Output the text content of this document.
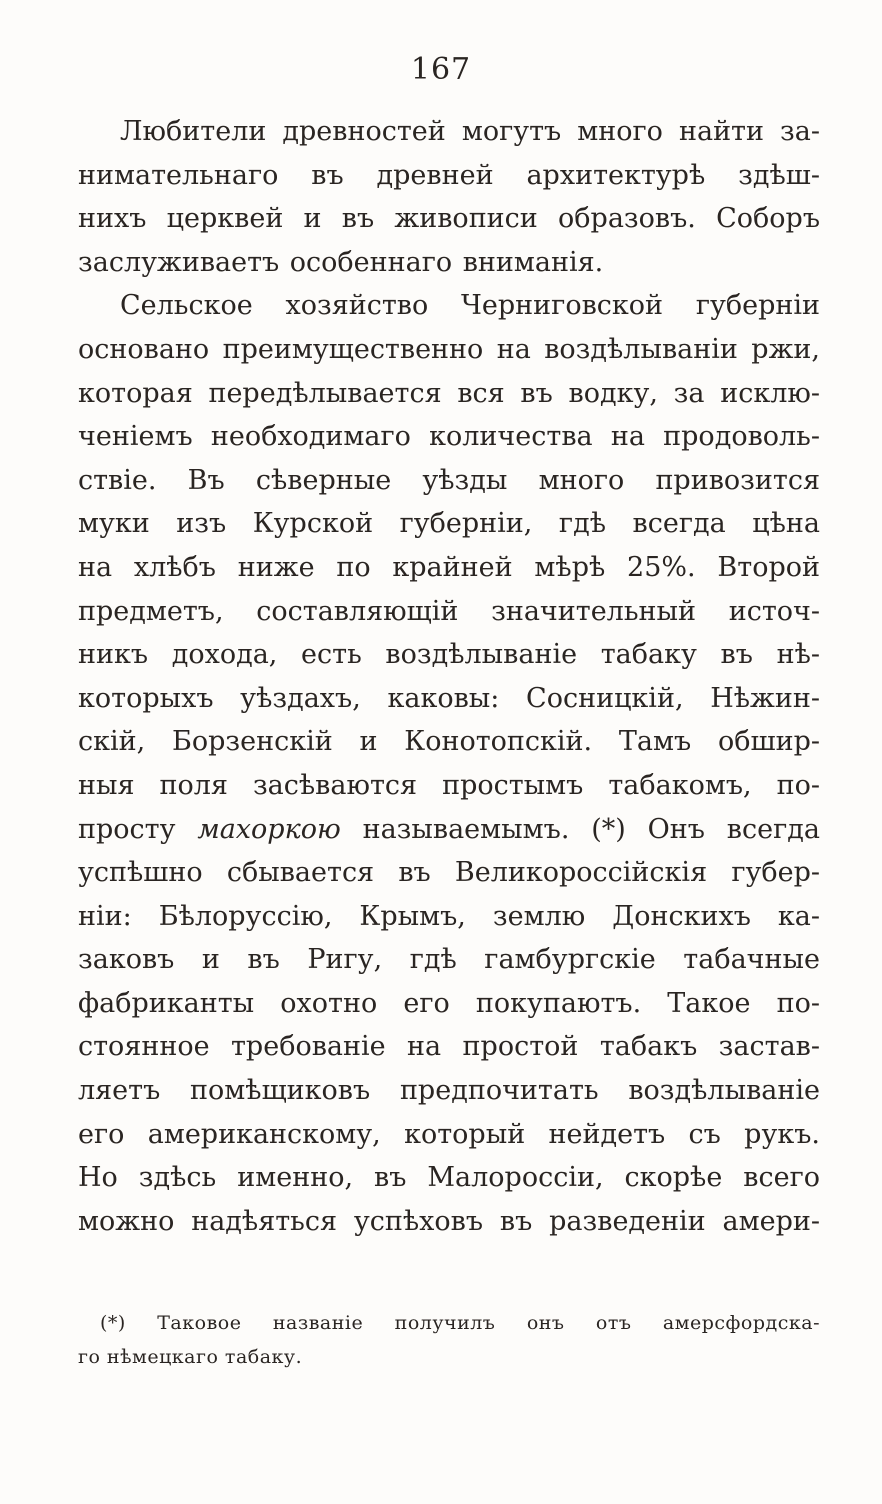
167
Любители древностей могутъ много найти за-
нимательнаго въ древней архитектурѣ здѣш-
нихъ церквей и въ живописи образовъ. Соборъ
заслуживаетъ особеннаго вниманія.
Сельское хозяйство Черниговской губерніи
основано преимущественно на воздѣлываніи ржи,
которая передѣлывается вся въ водку, за исклю-
ченіемъ необходимаго количества на продоволь-
ствіе. Въ сѣверные уѣзды много привозится
муки изъ Курской губерніи, гдѣ всегда цѣна
на хлѣбъ ниже по крайней мѣрѣ 25%. Второй
предметъ, составляющій значительный источ-
никъ дохода, есть воздѣлываніе табаку въ нѣ-
которыхъ уѣздахъ, каковы: Сосницкій, Нѣжин-
скій, Борзенскій и Конотопскій. Тамъ обшир-
ныя поля засѣваются простымъ табакомъ, по-
просту махоркою называемымъ. (*) Онъ всегда
успѣшно сбывается въ Великороссійскія губер-
ніи: Бѣлоруссію, Крымъ, землю Донскихъ ка-
заковъ и въ Ригу, гдѣ гамбургскіе табачные
фабриканты охотно его покупаютъ. Такое по-
стоянное требованіе на простой табакъ застав-
ляетъ помѣщиковъ предпочитать воздѣлываніе
его американскому, который нейдетъ съ рукъ.
Но здѣсь именно, въ Малороссіи, скорѣе всего
можно надѣяться успѣховъ въ разведеніи амери-
(*) Таковое названіе получилъ онъ отъ амерсфордска-
го нѣмецкаго табаку.
